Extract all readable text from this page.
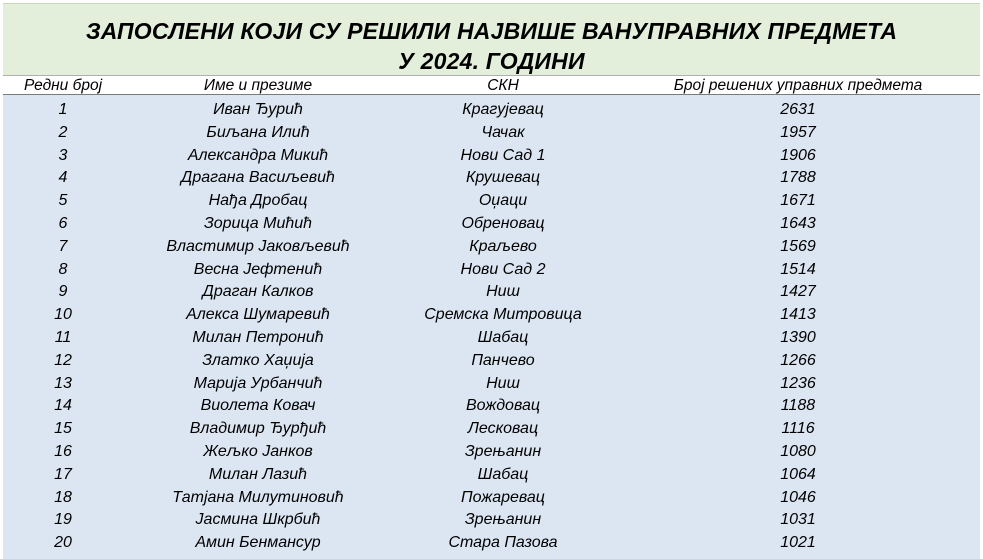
ЗАПОСЛЕНИ КОЈИ СУ РЕШИЛИ НАЈВИШЕ ВАНУПРАВНИХ ПРЕДМЕТА
У 2024. ГОДИНИ
Редни број	Име и презиме	СКН	Број решених управних предмета
1	Иван Ђурић	Крагујевац	2631
2	Биљана Илић	Чачак	1957
3	Александра Микић	Нови Сад 1	1906
4	Драгана Васиљевић	Крушевац	1788
5	Нађа Дробац	Оџаци	1671
6	Зорица Мићић	Обреновац	1643
7	Властимир Јаковљевић	Краљево	1569
8	Весна Јефтенић	Нови Сад 2	1514
9	Драган Калков	Ниш	1427
10	Алекса Шумаревић	Сремска Митровица	1413
11	Милан Петронић	Шабац	1390
12	Златко Хаџија	Панчево	1266
13	Марија Урбанчић	Ниш	1236
14	Виолета Ковач	Вождовац	1188
15	Владимир Ђурђић	Лесковац	1116
16	Жељко Јанков	Зрењанин	1080
17	Милан Лазић	Шабац	1064
18	Татјана Милутиновић	Пожаревац	1046
19	Јасмина Шкрбић	Зрењанин	1031
20	Амин Бенмансур	Стара Пазова	1021
